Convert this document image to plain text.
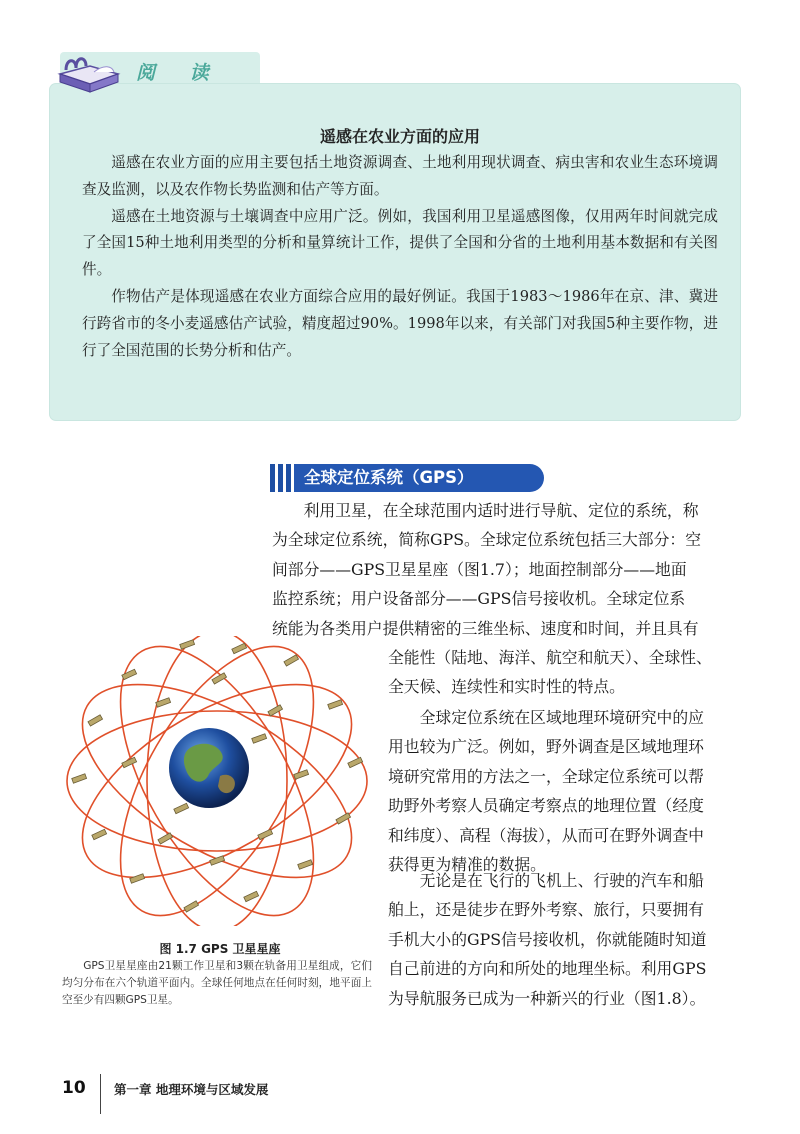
阅 读
遥感在农业方面的应用

遥感在农业方面的应用主要包括土地资源调查、土地利用现状调查、病虫害和农业生态环境调查及监测，以及农作物长势监测和估产等方面。

遥感在土地资源与土壤调查中应用广泛。例如，我国利用卫星遥感图像，仅用两年时间就完成了全国15种土地利用类型的分析和量算统计工作，提供了全国和分省的土地利用基本数据和有关图件。

作物估产是体现遥感在农业方面综合应用的最好例证。我国于1983～1986年在京、津、冀进行跨省市的冬小麦遥感估产试验，精度超过90%。1998年以来，有关部门对我国5种主要作物，进行了全国范围的长势分析和估产。

全球定位系统（GPS）

利用卫星，在全球范围内适时进行导航、定位的系统，称

为全球定位系统，简称GPS。全球定位系统包括三大部分：空

间部分——GPS卫星星座（图1.7）；地面控制部分——地面

监控系统；用户设备部分——GPS信号接收机。全球定位系

统能为各类用户提供精密的三维坐标、速度和时间，并且具有

全能性（陆地、海洋、航空和航天）、全球性、

全天候、连续性和实时性的特点。

全球定位系统在区域地理环境研究中的应

用也较为广泛。例如，野外调查是区域地理环

境研究常用的方法之一，全球定位系统可以帮

助野外考察人员确定考察点的地理位置（经度

和纬度）、高程（海拔），从而可在野外调查中

获得更为精准的数据。

无论是在飞行的飞机上、行驶的汽车和船

舶上，还是徒步在野外考察、旅行，只要拥有

手机大小的GPS信号接收机，你就能随时知道

自己前进的方向和所处的地理坐标。利用GPS

为导航服务已成为一种新兴的行业（图1.8）。

图 1.7 GPS 卫星星座
GPS卫星星座由21颗工作卫星和3颗在轨备用卫星组成，它们均匀分布在六个轨道平面内。全球任何地点在任何时刻，地平面上空至少有四颗GPS卫星。
10 第一章 地理环境与区域发展
